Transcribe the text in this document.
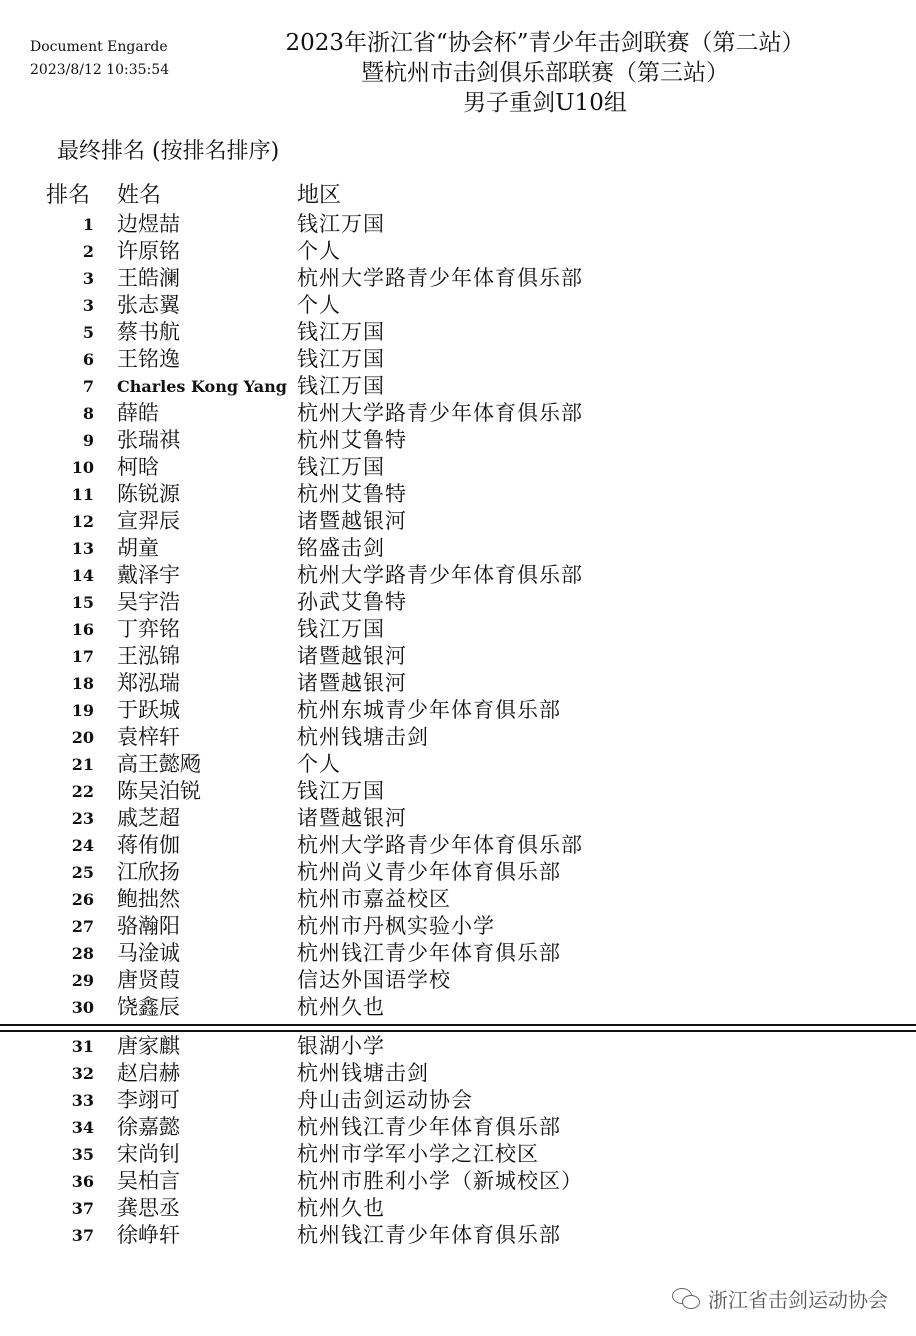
Document Engarde
2023/8/12 10:35:54
2023年浙江省“协会杯”青少年击剑联赛（第二站）
暨杭州市击剑俱乐部联赛（第三站）
男子重剑U10组
最终排名 (按排名排序)
排名 姓名	地区
1 边煜喆	钱江万国
2 许原铭	个人
3 王皓澜	杭州大学路青少年体育俱乐部
3 张志翼	个人
5 蔡书航	钱江万国
6 王铭逸	钱江万国
7 Charles Kong Yang 钱江万国
8 薛皓	杭州大学路青少年体育俱乐部
9 张瑞祺	杭州艾鲁特
10 柯晗	钱江万国
11 陈锐源	杭州艾鲁特
12 宣羿辰	诸暨越银河
13 胡童	铭盛击剑
14 戴泽宇	杭州大学路青少年体育俱乐部
15 吴宇浩	孙武艾鲁特
16 丁弈铭	钱江万国
17 王泓锦	诸暨越银河
18 郑泓瑞	诸暨越银河
19 于跃城	杭州东城青少年体育俱乐部
20 袁梓轩	杭州钱塘击剑
21 高王懿飏	个人
22 陈吴泊锐	钱江万国
23 戚芝超	诸暨越银河
24 蒋侑伽	杭州大学路青少年体育俱乐部
25 江欣扬	杭州尚义青少年体育俱乐部
26 鲍拙然	杭州市嘉益校区
27 骆瀚阳	杭州市丹枫实验小学
28 马淦诚	杭州钱江青少年体育俱乐部
29 唐贤葭	信达外国语学校
30 饶鑫辰	杭州久也
31 唐家麒	银湖小学
32 赵启赫	杭州钱塘击剑
33 李翊可	舟山击剑运动协会
34 徐嘉懿	杭州钱江青少年体育俱乐部
35 宋尚钊	杭州市学军小学之江校区
36 吴柏言	杭州市胜利小学（新城校区）
37 龚思丞	杭州久也
37 徐峥轩	杭州钱江青少年体育俱乐部
浙江省击剑运动协会
